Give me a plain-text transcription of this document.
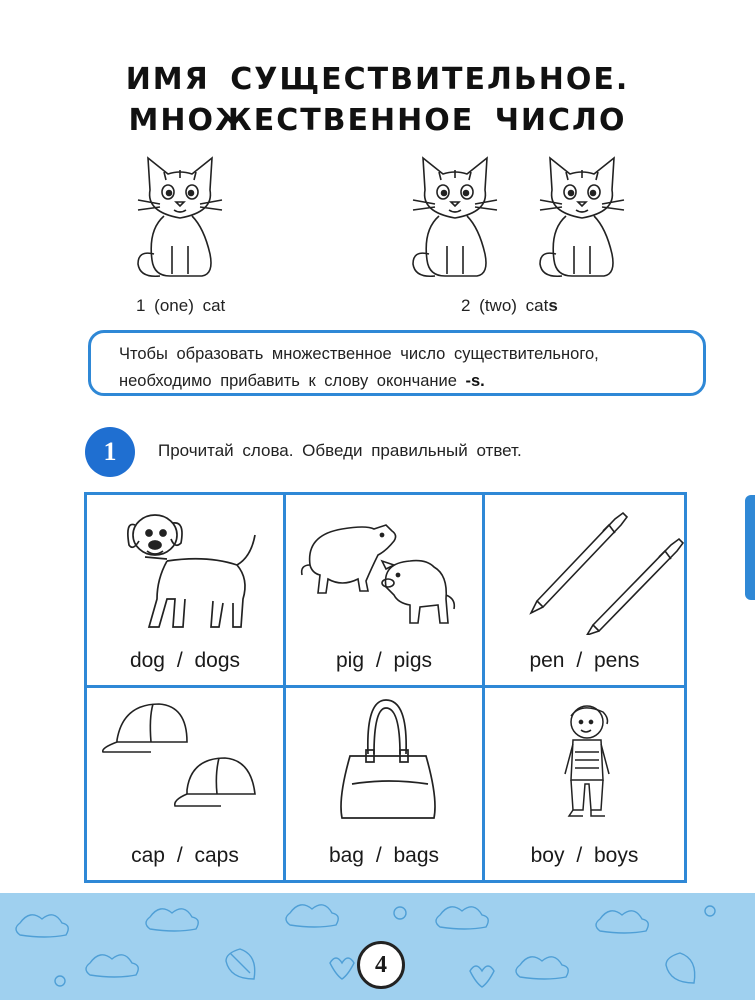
ИМЯ СУЩЕСТВИТЕЛЬНОЕ.
МНОЖЕСТВЕННОЕ ЧИСЛО
1 (one) cat	2 (two) cats
Чтобы образовать множественное число существительного,
необходимо прибавить к слову окончание -s.
1	Прочитай слова. Обведи правильный ответ.
dog / dogs	pig / pigs	pen / pens
cap / caps	bag / bags	boy / boys
4
